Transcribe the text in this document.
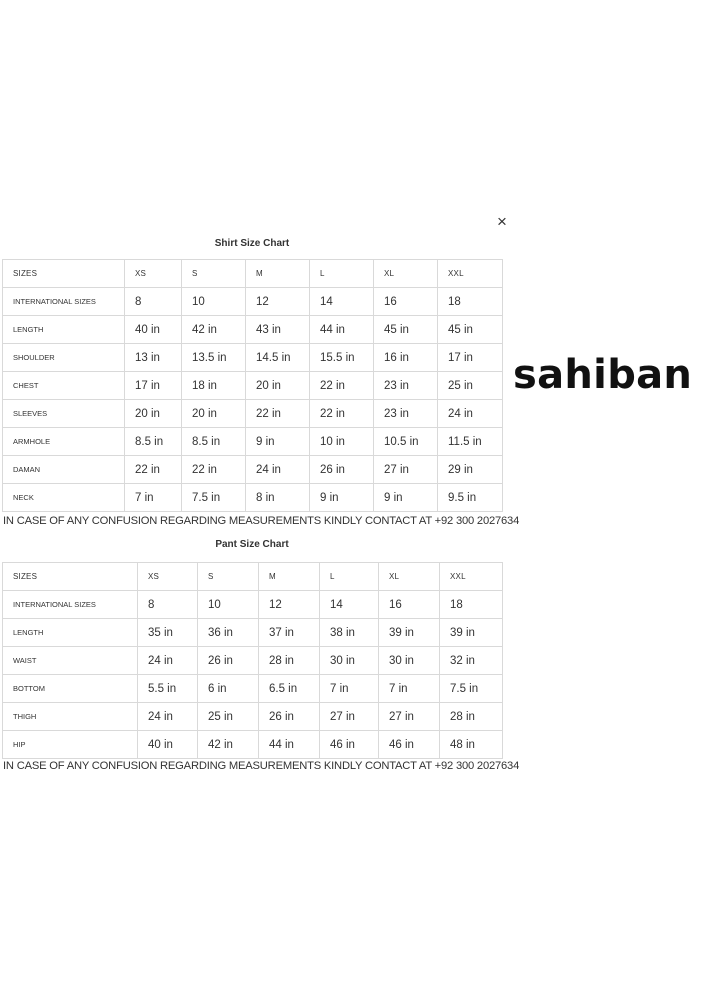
×
sahiban
Shirt Size Chart
SIZES	XS	S	M	L	XL	XXL
INTERNATIONAL SIZES	8	10	12	14	16	18
LENGTH	40 in	42 in	43 in	44 in	45 in	45 in
SHOULDER	13 in	13.5 in	14.5 in	15.5 in	16 in	17 in
CHEST	17 in	18 in	20 in	22 in	23 in	25 in
SLEEVES	20 in	20 in	22 in	22 in	23 in	24 in
ARMHOLE	8.5 in	8.5 in	9 in	10 in	10.5 in	11.5 in
DAMAN	22 in	22 in	24 in	26 in	27 in	29 in
NECK	7 in	7.5 in	8 in	9 in	9 in	9.5 in
IN CASE OF ANY CONFUSION REGARDING MEASUREMENTS KINDLY CONTACT AT +92 300 2027634
Pant Size Chart
SIZES	XS	S	M	L	XL	XXL
INTERNATIONAL SIZES	8	10	12	14	16	18
LENGTH	35 in	36 in	37 in	38 in	39 in	39 in
WAIST	24 in	26 in	28 in	30 in	30 in	32 in
BOTTOM	5.5 in	6 in	6.5 in	7 in	7 in	7.5 in
THIGH	24 in	25 in	26 in	27 in	27 in	28 in
HIP	40 in	42 in	44 in	46 in	46 in	48 in
IN CASE OF ANY CONFUSION REGARDING MEASUREMENTS KINDLY CONTACT AT +92 300 2027634
